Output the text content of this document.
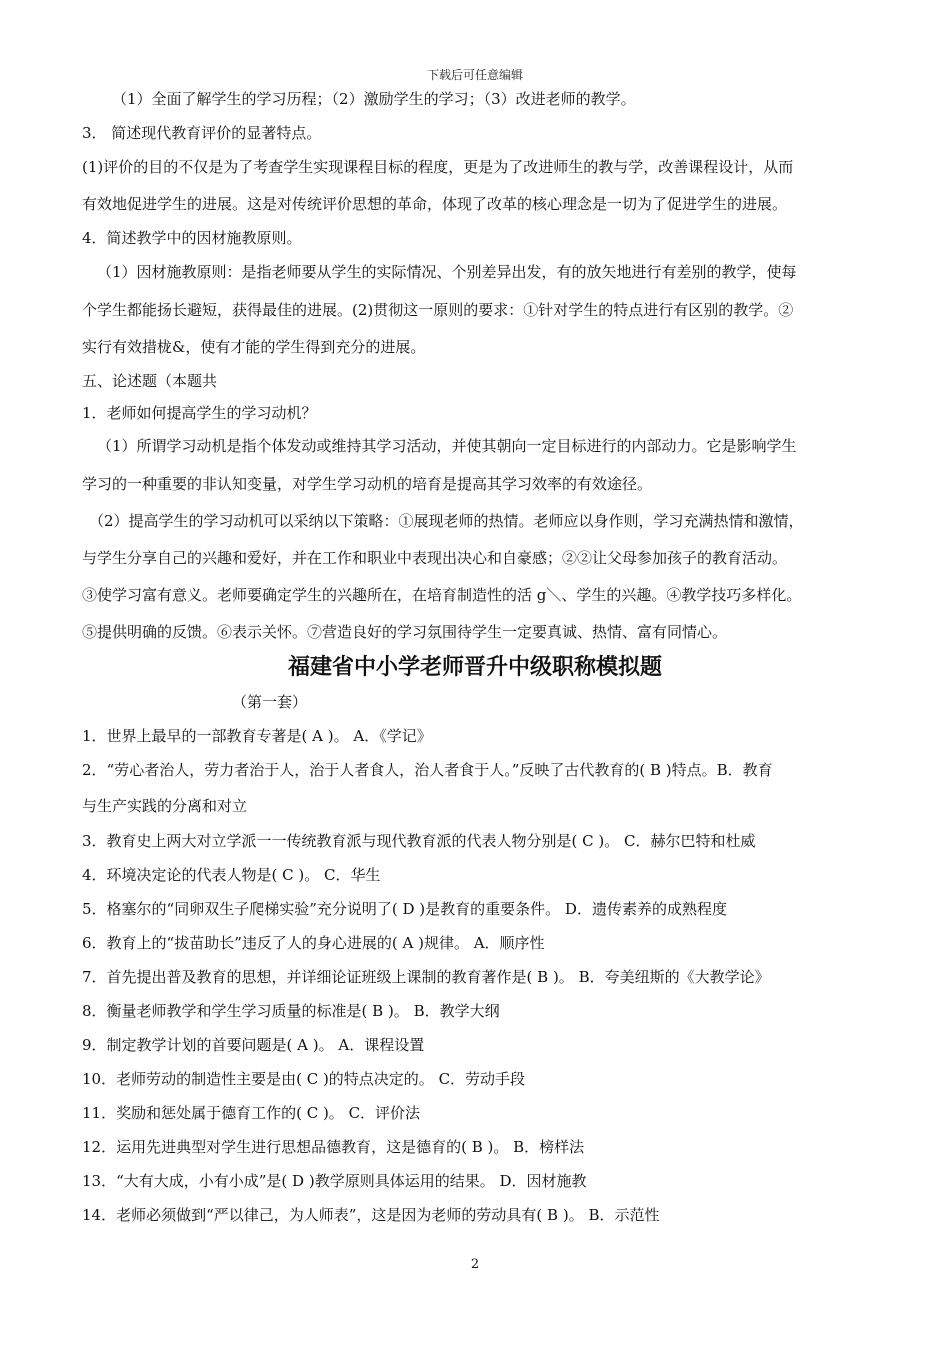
下载后可任意编辑
（1）全面了解学生的学习历程；（2）激励学生的学习；（3）改进老师的教学。
3． 简述现代教育评价的显著特点。
(1)评价的目的不仅是为了考查学生实现课程目标的程度，更是为了改进师生的教与学，改善课程设计，从而
有效地促进学生的进展。这是对传统评价思想的革命，体现了改革的核心理念是一切为了促进学生的进展。
4．简述教学中的因材施教原则。
（1）因材施教原则：是指老师要从学生的实际情况、个别差异出发，有的放矢地进行有差别的教学，使每
个学生都能扬长避短，获得最佳的进展。(2)贯彻这一原则的要求：①针对学生的特点进行有区别的教学。②
实行有效措栊&，使有才能的学生得到充分的进展。
五、论述题（本题共
1．老师如何提高学生的学习动机？
（1）所谓学习动机是指个体发动或维持其学习活动，并使其朝向一定目标进行的内部动力。它是影响学生
学习的一种重要的非认知变量，对学生学习动机的培育是提高其学习效率的有效途径。
（2）提高学生的学习动机可以采纳以下策略：①展现老师的热情。老师应以身作则，学习充满热情和激情，
与学生分享自己的兴趣和爱好，并在工作和职业中表现出决心和自豪感；②②让父母参加孩子的教育活动。
③使学习富有意义。老师要确定学生的兴趣所在，在培育制造性的活 g＼、学生的兴趣。④教学技巧多样化。
⑤提供明确的反馈。⑥表示关怀。⑦营造良好的学习氛围待学生一定要真诚、热情、富有同情心。
福建省中小学老师晋升中级职称模拟题
（第一套）
1．世界上最早的一部教育专著是( A )。 A．《学记》
2．“劳心者治人，劳力者治于人，治于人者食人，治人者食于人。”反映了古代教育的( B )特点。B．教育
与生产实践的分离和对立
3．教育史上两大对立学派一一传统教育派与现代教育派的代表人物分别是( C )。 C．赫尔巴特和杜威
4．环境决定论的代表人物是( C )。 C．华生
5．格塞尔的“同卵双生子爬梯实验”充分说明了( D )是教育的重要条件。 D．遗传素养的成熟程度
6．教育上的“拔苗助长”违反了人的身心进展的( A )规律。 A．顺序性
7．首先提出普及教育的思想，并详细论证班级上课制的教育著作是( B )。 B．夸美纽斯的《大教学论》
8．衡量老师教学和学生学习质量的标准是( B )。 B．教学大纲
9．制定教学计划的首要问题是( A )。 A．课程设置
10．老师劳动的制造性主要是由( C )的特点决定的。 C．劳动手段
11．奖励和惩处属于德育工作的( C )。 C．评价法
12．运用先进典型对学生进行思想品德教育，这是德育的( B )。 B．榜样法
13．“大有大成，小有小成”是( D )教学原则具体运用的结果。 D．因材施教
14．老师必须做到“严以律己，为人师表”，这是因为老师的劳动具有( B )。 B．示范性
2
